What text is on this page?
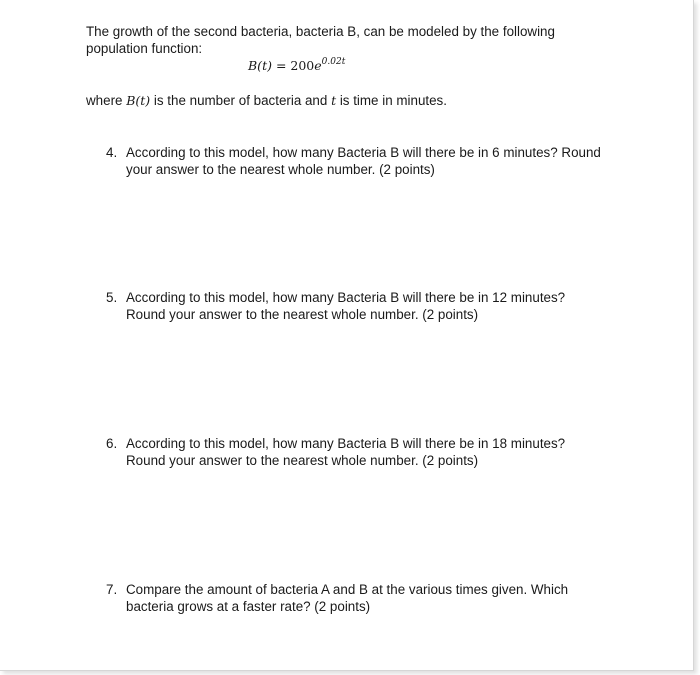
The growth of the second bacteria, bacteria B, can be modeled by the following
population function:
$B(t) = 200e^{0.02t}$
where B(t) is the number of bacteria and t is time in minutes.
4. According to this model, how many Bacteria B will there be in 6 minutes? Round
your answer to the nearest whole number. (2 points)
5. According to this model, how many Bacteria B will there be in 12 minutes?
Round your answer to the nearest whole number. (2 points)
6. According to this model, how many Bacteria B will there be in 18 minutes?
Round your answer to the nearest whole number. (2 points)
7. Compare the amount of bacteria A and B at the various times given. Which
bacteria grows at a faster rate? (2 points)
